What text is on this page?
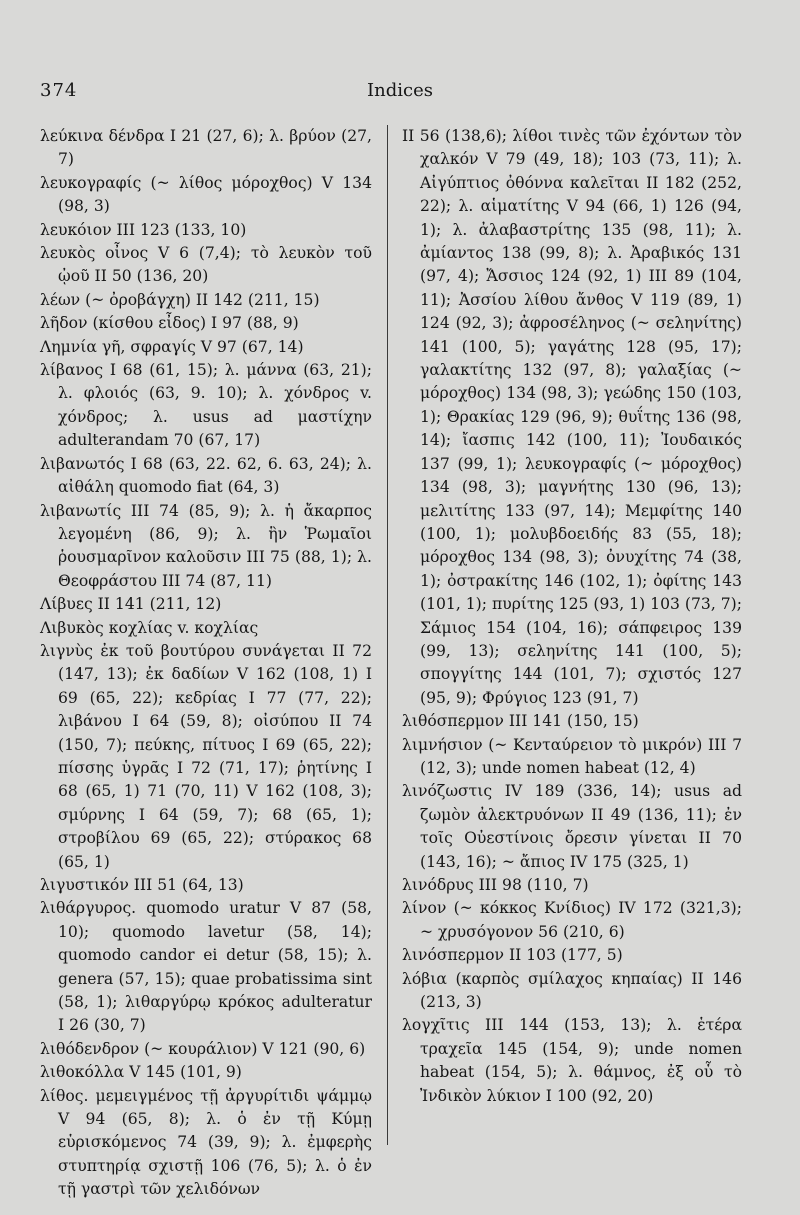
374	Indices

λεύκινα δένδρα I 21 (27, 6); λ. βρύον (27, 7)

λευκογραφίς (~ λίθος μόροχθος) V 134 (98, 3)

λευκόιον III 123 (133, 10)

λευκὸς οἶνος V 6 (7,4); τὸ λευκὸν τοῦ ᾠοῦ II 50 (136, 20)

λέων (~ ὀροβάγχη) II 142 (211, 15)

λῆδον (κίσθου εἶδος) I 97 (88, 9)

Λημνία γῆ, σφραγίς V 97 (67, 14)

λίβανος I 68 (61, 15); λ. μάννα (63, 21); λ. φλοιός (63, 9. 10); λ. χόνδρος v. χόνδρος; λ. usus ad μαστίχην adulterandam 70 (67, 17)

λιβανωτός I 68 (63, 22. 62, 6. 63, 24); λ. αἰθάλη quomodo fiat (64, 3)

λιβανωτίς III 74 (85, 9); λ. ἡ ἄκαρπος λεγομένη (86, 9); λ. ἣν Ῥωμαῖοι ῥουσμαρῖνον καλοῦσιν III 75 (88, 1); λ. Θεοφράστου III 74 (87, 11)

Λίβυες II 141 (211, 12)

Λιβυκὸς κοχλίας v. κοχλίας

λιγνὺς ἐκ τοῦ βουτύρου συνάγεται II 72 (147, 13); ἐκ δαδίων V 162 (108, 1) I 69 (65, 22); κεδρίας I 77 (77, 22); λιβάνου I 64 (59, 8); οἰσύπου II 74 (150, 7); πεύκης, πίτυος I 69 (65, 22); πίσσης ὑγρᾶς I 72 (71, 17); ῥητίνης I 68 (65, 1) 71 (70, 11) V 162 (108, 3); σμύρνης I 64 (59, 7); 68 (65, 1); στροβίλου 69 (65, 22); στύρακος 68 (65, 1)

λιγυστικόν III 51 (64, 13)

λιθάργυρος. quomodo uratur V 87 (58, 10); quomodo lavetur (58, 14); quomodo candor ei detur (58, 15); λ. genera (57, 15); quae probatissima sint (58, 1); λιθαργύρῳ κρόκος adulteratur I 26 (30, 7)

λιθόδενδρον (~ κουράλιον) V 121 (90, 6)

λιθοκόλλα V 145 (101, 9)

λίθος. μεμειγμένος τῇ ἀργυρίτιδι ψάμμῳ V 94 (65, 8); λ. ὁ ἐν τῇ Κύμῃ εὑρισκόμενος 74 (39, 9); λ. ἐμφερὴς στυπτηρίᾳ σχιστῇ 106 (76, 5); λ. ὁ ἐν τῇ γαστρὶ τῶν χελιδόνων

II 56 (138,6); λίθοι τινὲς τῶν ἐχόντων τὸν χαλκόν V 79 (49, 18); 103 (73, 11); λ. Αἰγύπτιος ὀθόννα καλεῖται II 182 (252, 22); λ. αἱματίτης V 94 (66, 1) 126 (94, 1); λ. ἀλαβαστρίτης 135 (98, 11); λ. ἀμίαντος 138 (99, 8); λ. Ἀραβικός 131 (97, 4); Ἄσσιος 124 (92, 1) III 89 (104, 11); Ἀσσίου λίθου ἄνθος V 119 (89, 1) 124 (92, 3); ἀφροσέληνος (~ σεληνίτης) 141 (100, 5); γαγάτης 128 (95, 17); γαλακτίτης 132 (97, 8); γαλαξίας (~ μόροχθος) 134 (98, 3); γεώδης 150 (103, 1); Θρακίας 129 (96, 9); θυΐτης 136 (98, 14); ἴασπις 142 (100, 11); Ἰουδαικός 137 (99, 1); λευκογραφίς (~ μόροχθος) 134 (98, 3); μαγνήτης 130 (96, 13); μελιτίτης 133 (97, 14); Μεμφίτης 140 (100, 1); μολυβδοειδής 83 (55, 18); μόροχθος 134 (98, 3); ὀνυχίτης 74 (38, 1); ὀστρακίτης 146 (102, 1); ὀφίτης 143 (101, 1); πυρίτης 125 (93, 1) 103 (73, 7); Σάμιος 154 (104, 16); σάπφειρος 139 (99, 13); σεληνίτης 141 (100, 5); σπογγίτης 144 (101, 7); σχιστός 127 (95, 9); Φρύγιος 123 (91, 7)

λιθόσπερμον III 141 (150, 15)

λιμνήσιον (~ Κενταύρειον τὸ μικρόν) III 7 (12, 3); unde nomen habeat (12, 4)

λινόζωστις IV 189 (336, 14); usus ad ζωμὸν ἀλεκτρυόνων II 49 (136, 11); ἐν τοῖς Οὐεστίνοις ὄρεσιν γίνεται II 70 (143, 16); ~ ἄπιος IV 175 (325, 1)

λινόδρυς III 98 (110, 7)

λίνον (~ κόκκος Κνίδιος) IV 172 (321,3); ~ χρυσόγονον 56 (210, 6)

λινόσπερμον II 103 (177, 5)

λόβια (καρπὸς σμίλαχος κηπαίας) II 146 (213, 3)

λογχῖτις III 144 (153, 13); λ. ἑτέρα τραχεῖα 145 (154, 9); unde nomen habeat (154, 5); λ. θάμνος, ἐξ οὗ τὸ Ἰνδικὸν λύκιον I 100 (92, 20)
